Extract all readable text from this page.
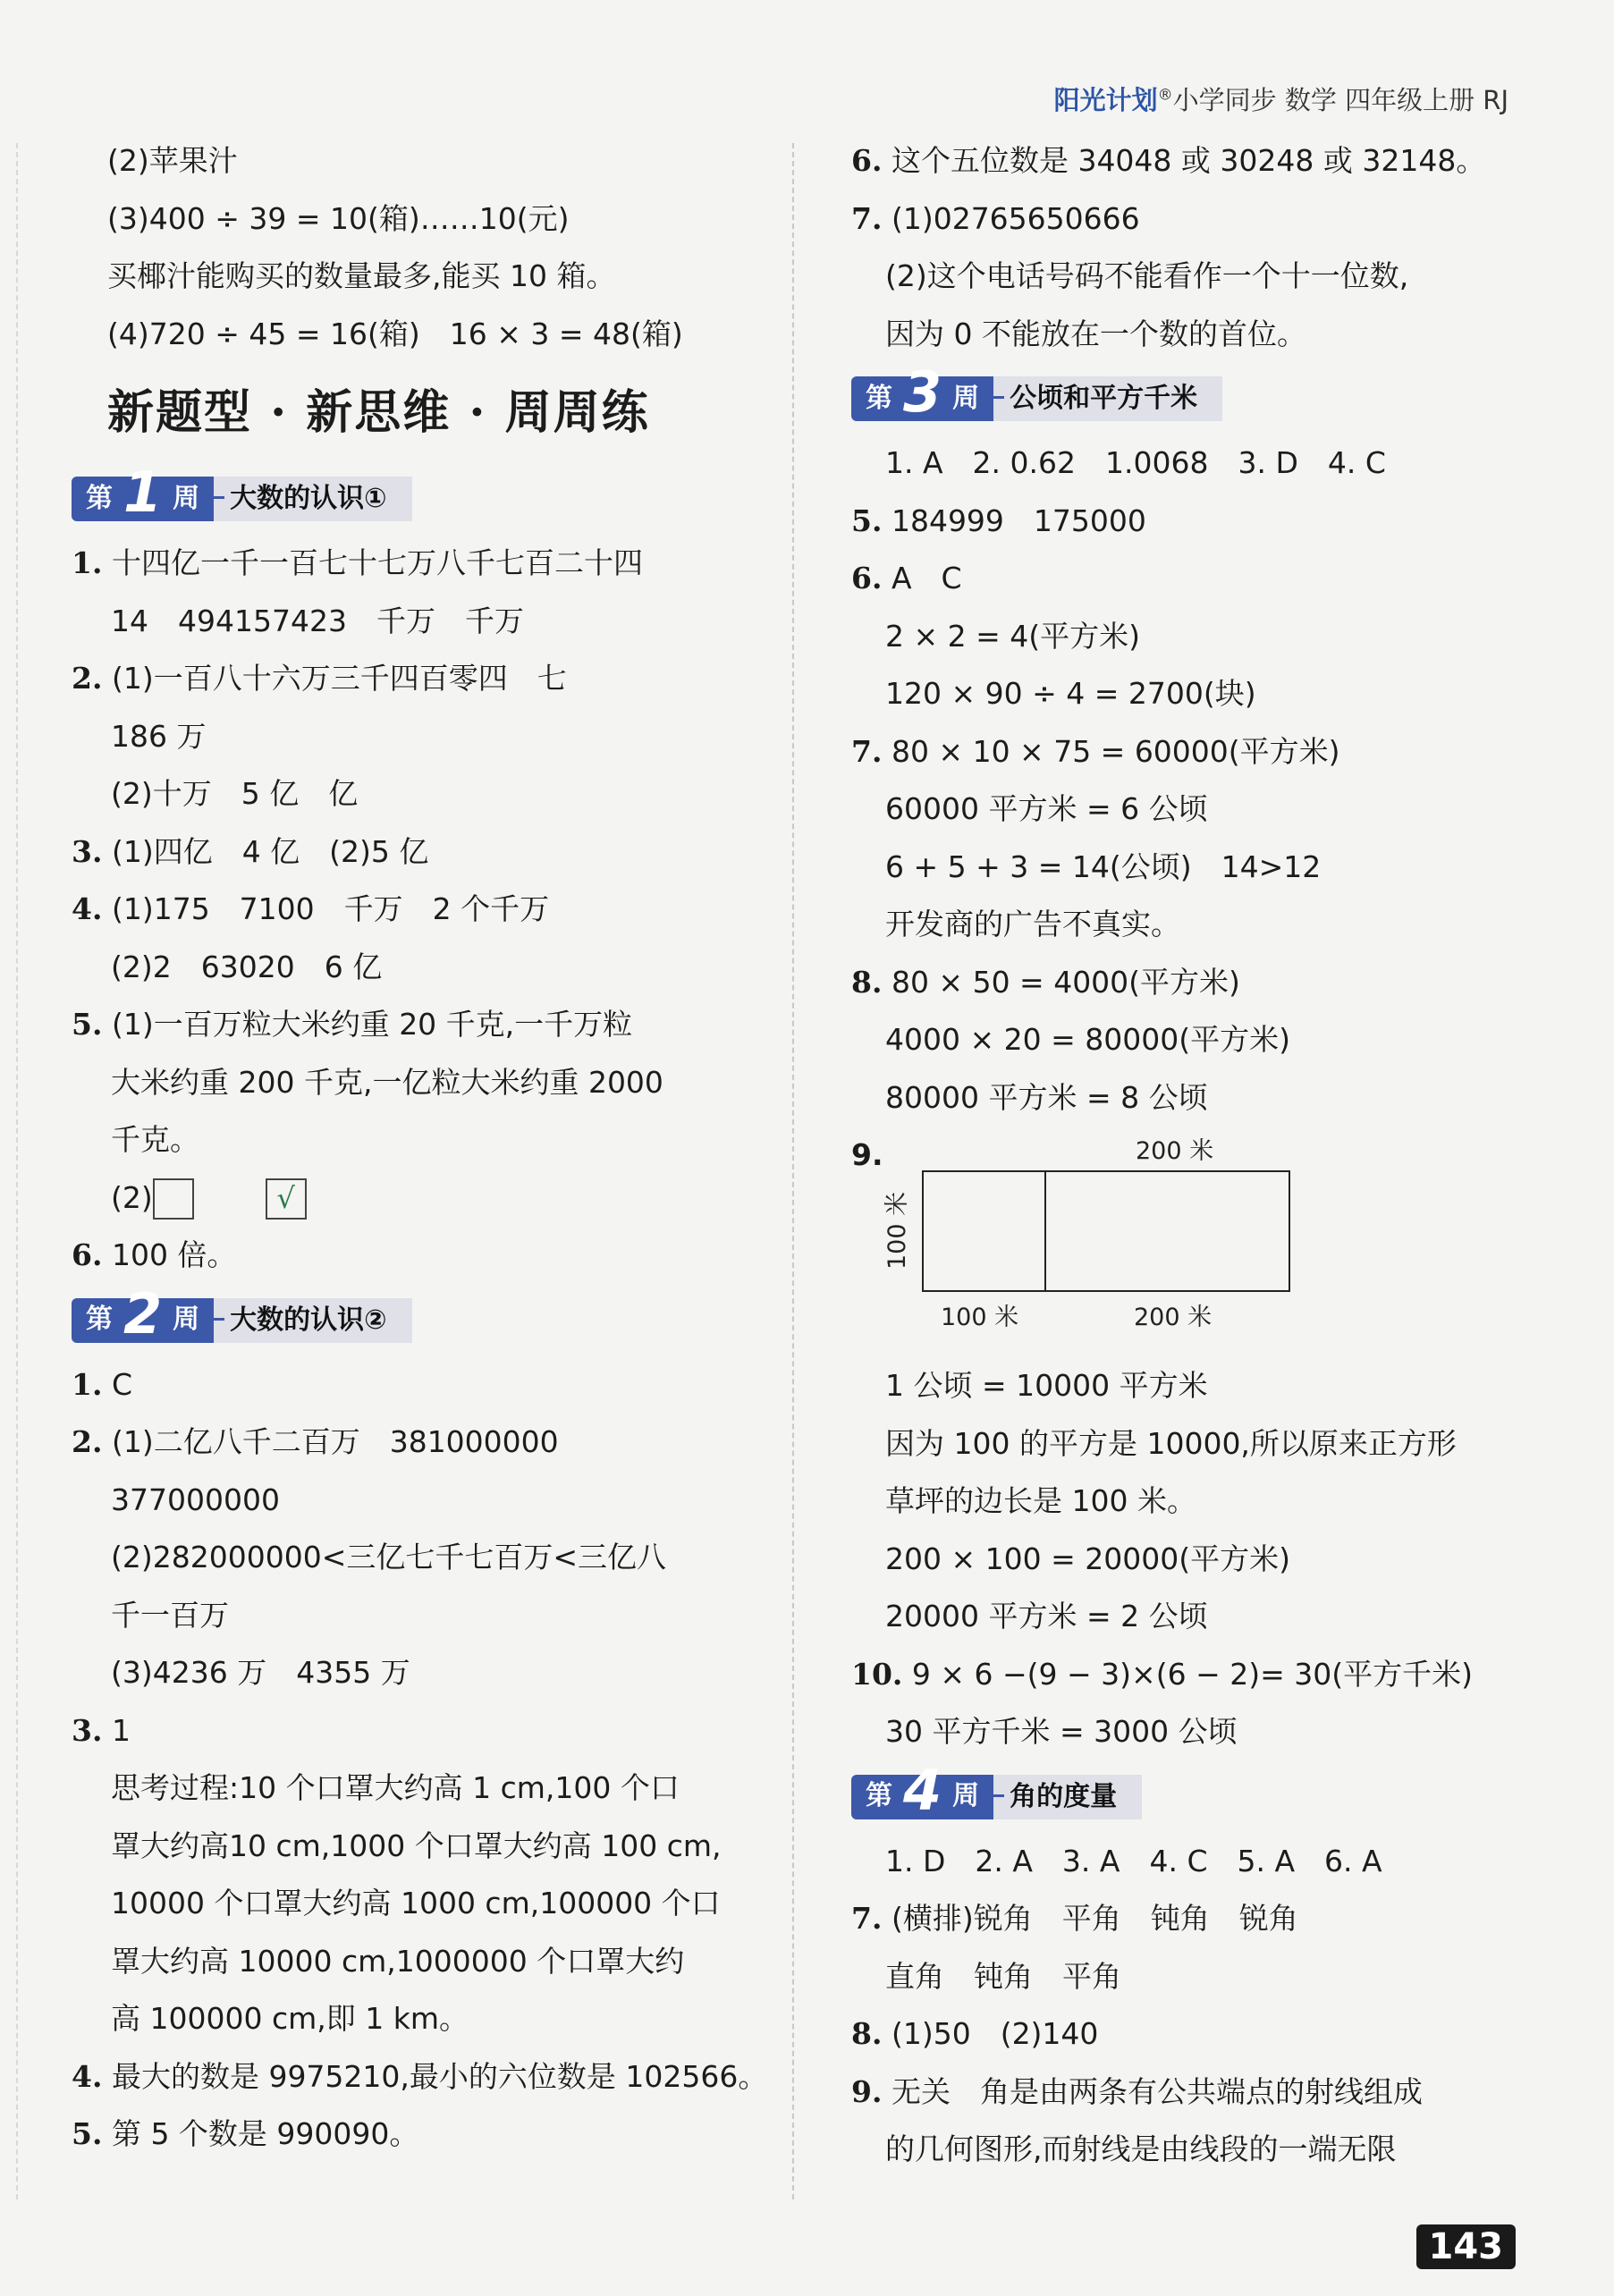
阳光计划®小学同步 数学 四年级上册 RJ
(2)苹果汁
(3)400 ÷ 39 = 10(箱)……10(元)
买椰汁能购买的数量最多,能买 10 箱。
(4)720 ÷ 45 = 16(箱)　16 × 3 = 48(箱)
新题型 · 新思维 · 周周练
第 1 周	大数的认识①
1. 十四亿一千一百七十七万八千七百二十四
14　494157423　千万　千万
2. (1)一百八十六万三千四百零四　七
186 万
(2)十万　5 亿　亿
3. (1)四亿　4 亿　(2)5 亿
4. (1)175　7100　千万　2 个千万
(2)2　63020　6 亿
5. (1)一百万粒大米约重 20 千克,一千万粒
大米约重 200 千克,一亿粒大米约重 2000
千克。
(2)	√
6. 100 倍。
第 2 周	大数的认识②
1. C
2. (1)二亿八千二百万　381000000
377000000
(2)282000000<三亿七千七百万<三亿八
千一百万
(3)4236 万　4355 万
3. 1
思考过程:10 个口罩大约高 1 cm,100 个口
罩大约高10 cm,1000 个口罩大约高 100 cm,
10000 个口罩大约高 1000 cm,100000 个口
罩大约高 10000 cm,1000000 个口罩大约
高 100000 cm,即 1 km。
4. 最大的数是 9975210,最小的六位数是 102566。
5. 第 5 个数是 990090。
6. 这个五位数是 34048 或 30248 或 32148。
7. (1)02765650666
(2)这个电话号码不能看作一个十一位数,
因为 0 不能放在一个数的首位。
第 3 周	公顷和平方千米
1. A　2. 0.62　1.0068　3. D　4. C
5. 184999　175000
6. A　C
2 × 2 = 4(平方米)
120 × 90 ÷ 4 = 2700(块)
7. 80 × 10 × 75 = 60000(平方米)
60000 平方米 = 6 公顷
6 + 5 + 3 = 14(公顷)　14>12
开发商的广告不真实。
8. 80 × 50 = 4000(平方米)
4000 × 20 = 80000(平方米)
80000 平方米 = 8 公顷
9.	200 米
100 米
100 米	200 米
1 公顷 = 10000 平方米
因为 100 的平方是 10000,所以原来正方形
草坪的边长是 100 米。
200 × 100 = 20000(平方米)
20000 平方米 = 2 公顷
10. 9 × 6 −(9 − 3)×(6 − 2)= 30(平方千米)
30 平方千米 = 3000 公顷
第 4 周	角的度量
1. D　2. A　3. A　4. C　5. A　6. A
7. (横排)锐角　平角　钝角　锐角
直角　钝角　平角
8. (1)50　(2)140
9. 无关　角是由两条有公共端点的射线组成
的几何图形,而射线是由线段的一端无限
143
